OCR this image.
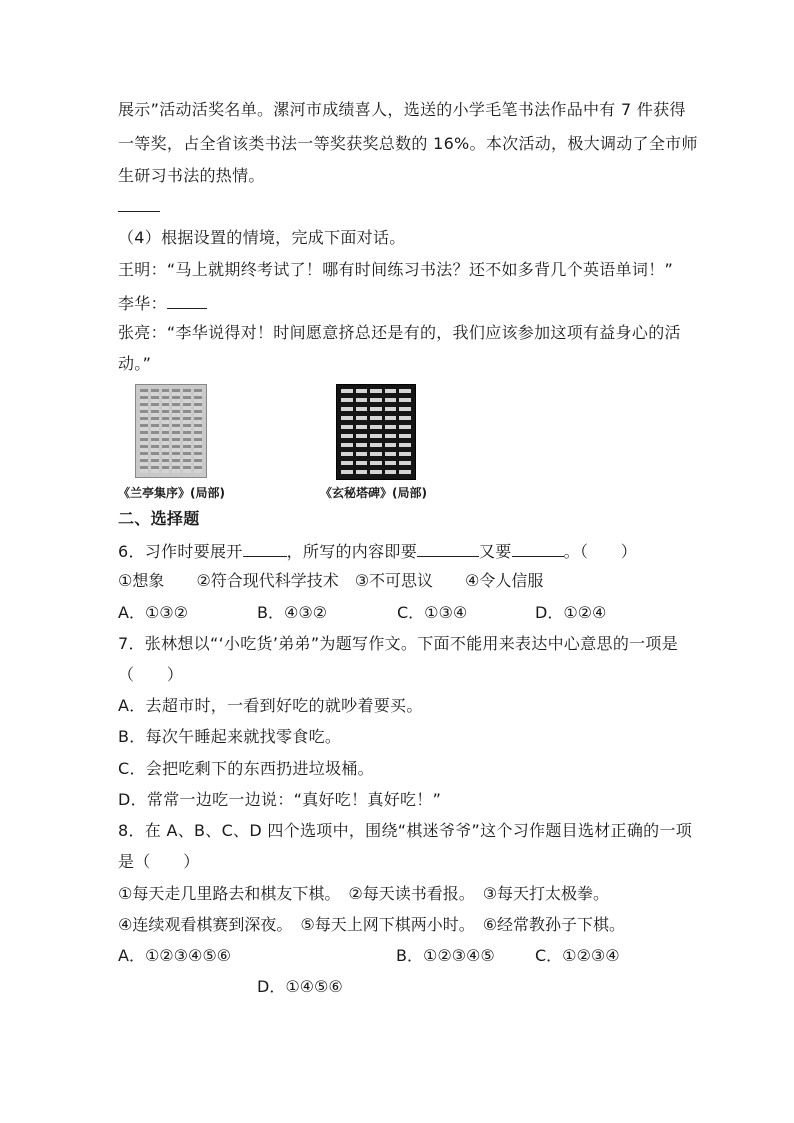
展示”活动活奖名单。漯河市成绩喜人，选送的小学毛笔书法作品中有 7 件获得
一等奖，占全省该类书法一等奖获奖总数的 16%。本次活动，极大调动了全市师
生研习书法的热情。
（4）根据设置的情境，完成下面对话。
王明：“马上就期终考试了！哪有时间练习书法？还不如多背几个英语单词！”
李华：
张亮：“李华说得对！时间愿意挤总还是有的，我们应该参加这项有益身心的活
动。”
《兰亭集序》(局部)	《玄秘塔碑》(局部)
二、选择题
6．习作时要展开	，所写的内容即要	又要	。（　　）
①想象　　②符合现代科学技术　③不可思议　　④令人信服
A．①③②	B．④③②	C．①③④	D．①②④
7．张林想以“‘小吃货’弟弟”为题写作文。下面不能用来表达中心意思的一项是
（　　）
A．去超市时，一看到好吃的就吵着要买。
B．每次午睡起来就找零食吃。
C．会把吃剩下的东西扔进垃圾桶。
D．常常一边吃一边说：“真好吃！真好吃！”
8．在 A、B、C、D 四个选项中，围绕“棋迷爷爷”这个习作题目选材正确的一项
是（　　）
①每天走几里路去和棋友下棋。　②每天读书看报。　③每天打太极拳。
④连续观看棋赛到深夜。　⑤每天上网下棋两小时。　⑥经常教孙子下棋。
A．①②③④⑤⑥	B．①②③④⑤	C．①②③④
D．①④⑤⑥
